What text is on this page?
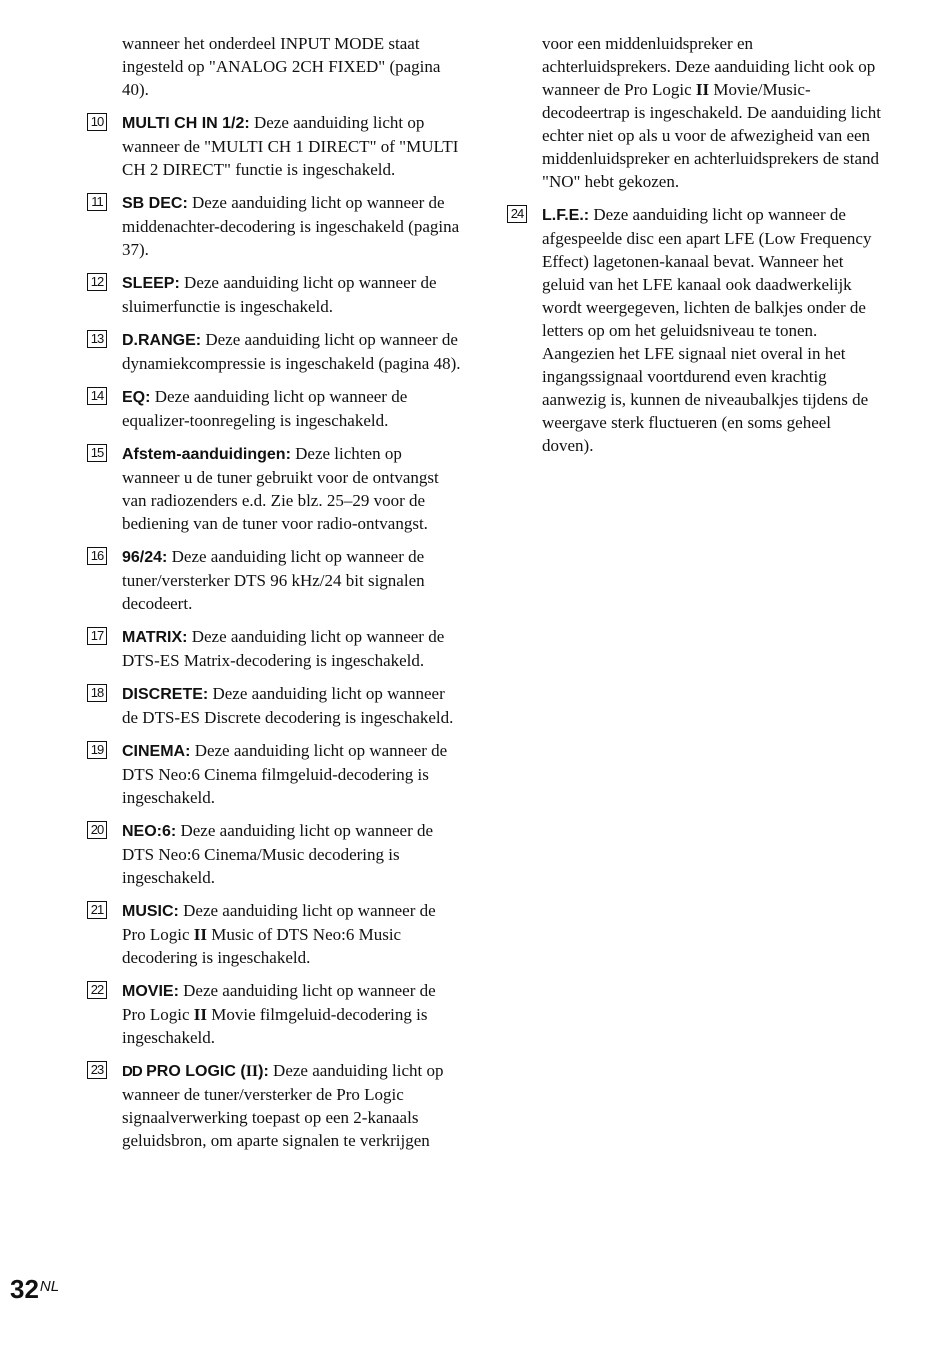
wanneer het onderdeel INPUT MODE staat ingesteld op "ANALOG 2CH FIXED" (pagina 40).

10 MULTI CH IN 1/2: Deze aanduiding licht op wanneer de "MULTI CH 1 DIRECT" of "MULTI CH 2 DIRECT" functie is ingeschakeld.

11 SB DEC: Deze aanduiding licht op wanneer de middenachter-decodering is ingeschakeld (pagina 37).

12 SLEEP: Deze aanduiding licht op wanneer de sluimerfunctie is ingeschakeld.

13 D.RANGE: Deze aanduiding licht op wanneer de dynamiekcompressie is ingeschakeld (pagina 48).

14 EQ: Deze aanduiding licht op wanneer de equalizer-toonregeling is ingeschakeld.

15 Afstem-aanduidingen: Deze lichten op wanneer u de tuner gebruikt voor de ontvangst van radiozenders e.d. Zie blz. 25–29 voor de bediening van de tuner voor radio-ontvangst.

16 96/24: Deze aanduiding licht op wanneer de tuner/versterker DTS 96 kHz/24 bit signalen decodeert.

17 MATRIX: Deze aanduiding licht op wanneer de DTS-ES Matrix-decodering is ingeschakeld.

18 DISCRETE: Deze aanduiding licht op wanneer de DTS-ES Discrete decodering is ingeschakeld.

19 CINEMA: Deze aanduiding licht op wanneer de DTS Neo:6 Cinema filmgeluid-decodering is ingeschakeld.

20 NEO:6: Deze aanduiding licht op wanneer de DTS Neo:6 Cinema/Music decodering is ingeschakeld.

21 MUSIC: Deze aanduiding licht op wanneer de Pro Logic II Music of DTS Neo:6 Music decodering is ingeschakeld.

22 MOVIE: Deze aanduiding licht op wanneer de Pro Logic II Movie filmgeluid-decodering is ingeschakeld.

23 DD PRO LOGIC (II): Deze aanduiding licht op wanneer de tuner/versterker de Pro Logic signaalverwerking toepast op een 2-kanaals geluidsbron, om aparte signalen te verkrijgen

voor een middenluidspreker en achterluidsprekers. Deze aanduiding licht ook op wanneer de Pro Logic II Movie/Music-decodeertrap is ingeschakeld. De aanduiding licht echter niet op als u voor de afwezigheid van een middenluidspreker en achterluidsprekers de stand "NO" hebt gekozen.

24 L.F.E.: Deze aanduiding licht op wanneer de afgespeelde disc een apart LFE (Low Frequency Effect) lagetonen-kanaal bevat. Wanneer het geluid van het LFE kanaal ook daadwerkelijk wordt weergegeven, lichten de balkjes onder de letters op om het geluidsniveau te tonen. Aangezien het LFE signaal niet overal in het ingangssignaal voortdurend even krachtig aanwezig is, kunnen de niveaubalkjes tijdens de weergave sterk fluctueren (en soms geheel doven).

$32^{NL}$
